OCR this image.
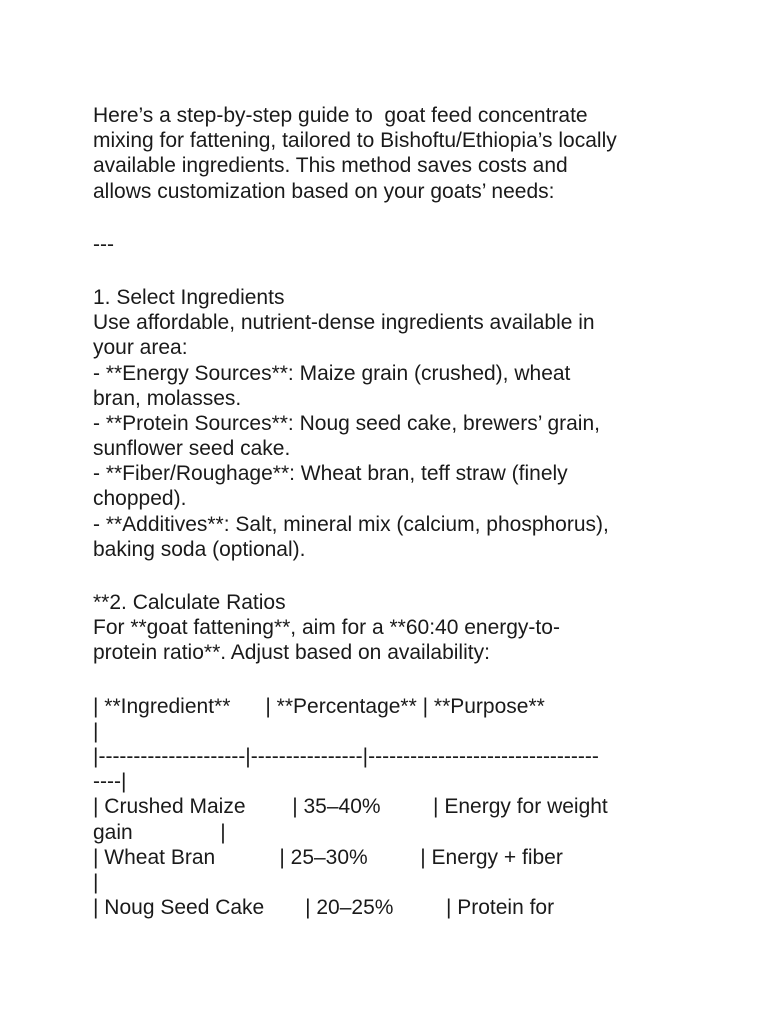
Here’s a step-by-step guide to  goat feed concentrate
mixing for fattening, tailored to Bishoftu/Ethiopia’s locally
available ingredients. This method saves costs and
allows customization based on your goats’ needs:
---
1. Select Ingredients
Use affordable, nutrient-dense ingredients available in
your area:
- **Energy Sources**: Maize grain (crushed), wheat
bran, molasses.
- **Protein Sources**: Noug seed cake, brewers’ grain,
sunflower seed cake.
- **Fiber/Roughage**: Wheat bran, teff straw (finely
chopped).
- **Additives**: Salt, mineral mix (calcium, phosphorus),
baking soda (optional).
**2. Calculate Ratios
For **goat fattening**, aim for a **60:40 energy-to-
protein ratio**. Adjust based on availability:
| **Ingredient**      | **Percentage** | **Purpose**
|
|---------------------|----------------|---------------------------------
----|
| Crushed Maize        | 35–40%         | Energy for weight
gain               |
| Wheat Bran           | 25–30%         | Energy + fiber
|
| Noug Seed Cake       | 20–25%         | Protein for
